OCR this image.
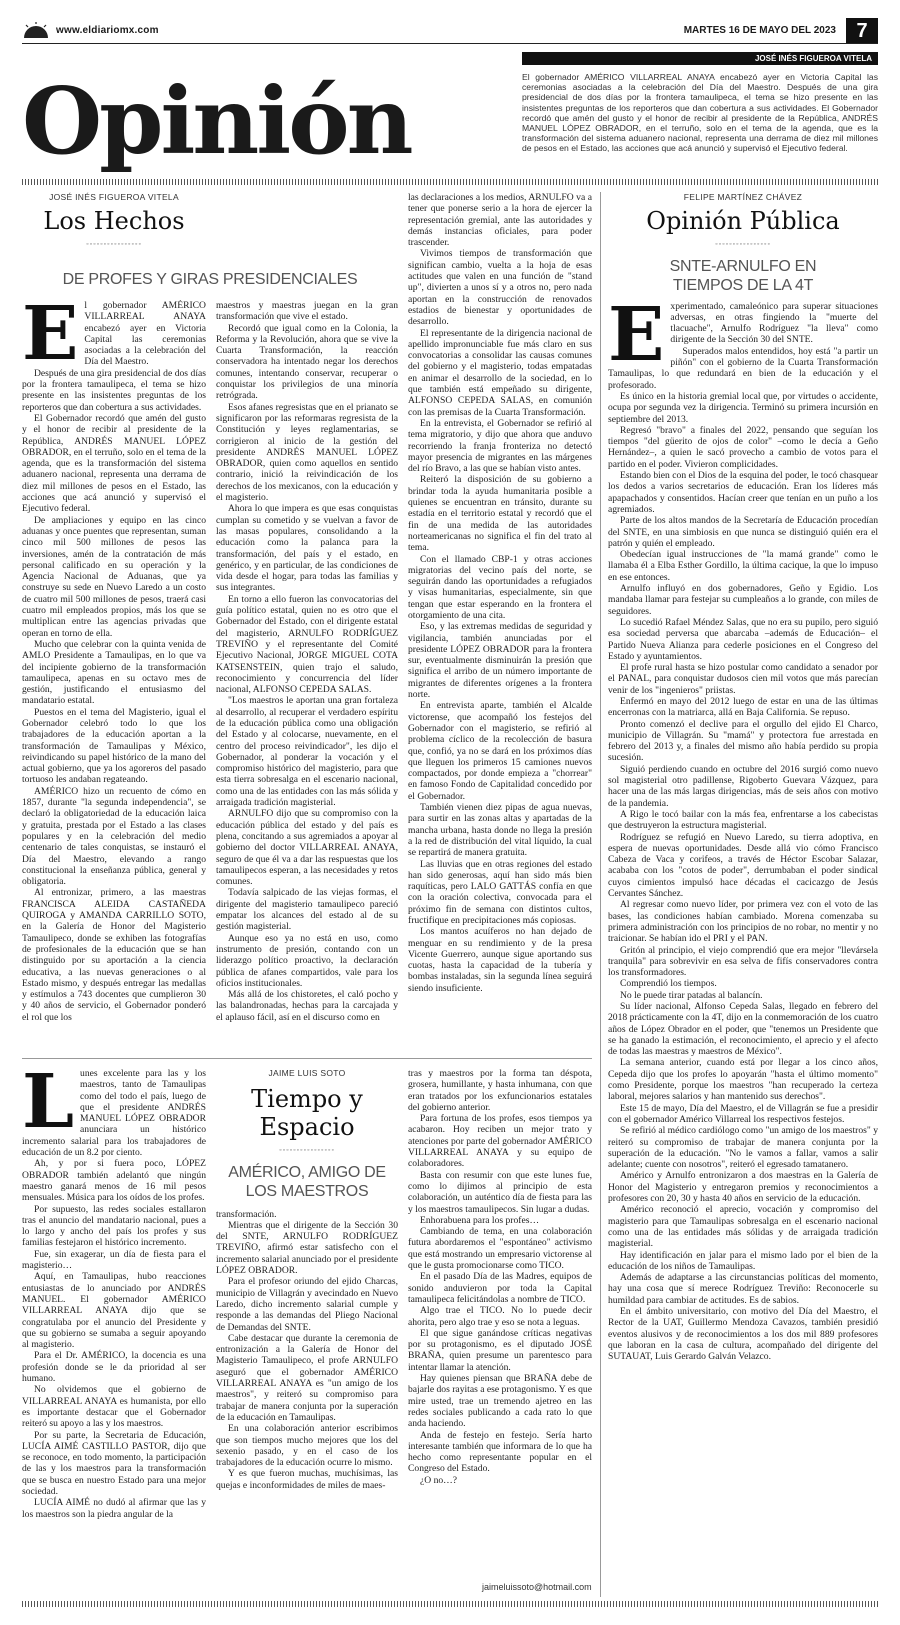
www.eldiariomx.com	MARTES 16 DE MAYO DEL 2023	7
JOSÉ INÉS FIGUEROA VITELA
Opinión	El gobernador AMÉRICO VILLARREAL ANAYA encabezó ayer en Victoria Capital las ceremonias asociadas a la celebración del Día del Maestro. Después de una gira presidencial de dos días por la frontera tamaulipeca, el tema se hizo presente en las insistentes preguntas de los reporteros que dan cobertura a sus actividades. El Gobernador recordó que amén del gusto y el honor de recibir al presidente de la República, ANDRÉS MANUEL LÓPEZ OBRADOR, en el terruño, solo en el tema de la agenda, que es la transformación del sistema aduanero nacional, representa una derrama de diez mil millones de pesos en el Estado, las acciones que acá anunció y supervisó el Ejecutivo federal.
JOSÉ INÉS FIGUEROA VITELA
Los Hechos
◦◦◦◦◦◦◦◦◦◦◦◦◦◦◦◦
DE PROFES Y GIRAS PRESIDENCIALES
E l gobernador AMÉRICO VILLARREAL ANAYA encabezó ayer en Victoria Capital las ceremonias asociadas a la celebración del Día del Maestro.

Después de una gira presidencial de dos días por la frontera tamaulipeca, el tema se hizo presente en las insistentes preguntas de los reporteros que dan cobertura a sus actividades.

El Gobernador recordó que amén del gusto y el honor de recibir al presidente de la República, ANDRÉS MANUEL LÓPEZ OBRADOR, en el terruño, solo en el tema de la agenda, que es la transformación del sistema aduanero nacional, representa una derrama de diez mil millones de pesos en el Estado, las acciones que acá anunció y supervisó el Ejecutivo federal.

De ampliaciones y equipo en las cinco aduanas y once puentes que representan, suman cinco mil 500 millones de pesos las inversiones, amén de la contratación de más personal calificado en su operación y la Agencia Nacional de Aduanas, que ya construye su sede en Nuevo Laredo a un costo de cuatro mil 500 millones de pesos, traerá casi cuatro mil empleados propios, más los que se multiplican entre las agencias privadas que operan en torno de ella.

Mucho que celebrar con la quinta venida de AMLO Presidente a Tamaulipas, en lo que va del incipiente gobierno de la transformación tamaulipeca, apenas en su octavo mes de gestión, justificando el entusiasmo del mandatario estatal.

Puestos en el tema del Magisterio, igual el Gobernador celebró todo lo que los trabajadores de la educación aportan a la transformación de Tamaulipas y México, reivindicando su papel histórico de la mano del actual gobierno, que ya los agoreros del pasado tortuoso les andaban regateando.

AMÉRICO hizo un recuento de cómo en 1857, durante "la segunda independencia", se declaró la obligatoriedad de la educación laica y gratuita, prestada por el Estado a las clases populares y en la celebración del medio centenario de tales conquistas, se instauró el Día del Maestro, elevando a rango constitucional la enseñanza pública, general y obligatoria.

Al entronizar, primero, a las maestras FRANCISCA ALEIDA CASTAÑEDA QUIROGA y AMANDA CARRILLO SOTO, en la Galería de Honor del Magisterio Tamaulipeco, donde se exhiben las fotografías de profesionales de la educación que se han distinguido por su aportación a la ciencia educativa, a las nuevas generaciones o al Estado mismo, y después entregar las medallas y estímulos a 743 docentes que cumplieron 30 y 40 años de servicio, el Gobernador ponderó el rol que los

maestros y maestras juegan en la gran transformación que vive el estado.

Recordó que igual como en la Colonia, la Reforma y la Revolución, ahora que se vive la Cuarta Transformación, la reacción conservadora ha intentado negar los derechos comunes, intentando conservar, recuperar o conquistar los privilegios de una minoría retrógrada.

Esos afanes regresistas que en el prianato se significaron por las reformaras regresista de la Constitución y leyes reglamentarias, se corrigieron al inicio de la gestión del presidente ANDRÉS MANUEL LÓPEZ OBRADOR, quien como aquellos en sentido contrario, inició la reivindicación de los derechos de los mexicanos, con la educación y el magisterio.

Ahora lo que impera es que esas conquistas cumplan su cometido y se vuelvan a favor de las masas populares, consolidando a la educación como la palanca para la transformación, del país y el estado, en genérico, y en particular, de las condiciones de vida desde el hogar, para todas las familias y sus integrantes.

En torno a ello fueron las convocatorias del guía político estatal, quien no es otro que el Gobernador del Estado, con el dirigente estatal del magisterio, ARNULFO RODRÍGUEZ TREVIÑO y el representante del Comité Ejecutivo Nacional, JORGE MIGUEL COTA KATSENSTEIN, quien trajo el saludo, reconocimiento y concurrencia del líder nacional, ALFONSO CEPEDA SALAS.

"Los maestros le aportan una gran fortaleza al desarrollo, al recuperar el verdadero espíritu de la educación pública como una obligación del Estado y al colocarse, nuevamente, en el centro del proceso reivindicador", les dijo el Gobernador, al ponderar la vocación y el compromiso histórico del magisterio, para que esta tierra sobresalga en el escenario nacional, como una de las entidades con las más sólida y arraigada tradición magisterial.

ARNULFO dijo que su compromiso con la educación pública del estado y del país es plena, concitando a sus agremiados a apoyar al gobierno del doctor VILLARREAL ANAYA, seguro de que él va a dar las respuestas que los tamaulipecos esperan, a las necesidades y retos comunes.

Todavía salpicado de las viejas formas, el dirigente del magisterio tamaulipeco pareció empatar los alcances del estado al de su gestión magisterial.

Aunque eso ya no está en uso, como instrumento de presión, contando con un liderazgo político proactivo, la declaración pública de afanes compartidos, vale para los oficios institucionales.

Más allá de los chistoretes, el caló pocho y las balandronadas, hechas para la carcajada y el aplauso fácil, así en el discurso como en

las declaraciones a los medios, ARNULFO va a tener que ponerse serio a la hora de ejercer la representación gremial, ante las autoridades y demás instancias oficiales, para poder trascender.

Vivimos tiempos de transformación que significan cambio, vuelta a la hoja de esas actitudes que valen en una función de "stand up", divierten a unos sí y a otros no, pero nada aportan en la construcción de renovados estadios de bienestar y oportunidades de desarrollo.

El representante de la dirigencia nacional de apellido impronunciable fue más claro en sus convocatorias a consolidar las causas comunes del gobierno y el magisterio, todas empatadas en animar el desarrollo de la sociedad, en lo que también está empeñado su dirigente, ALFONSO CEPEDA SALAS, en comunión con las premisas de la Cuarta Transformación.

En la entrevista, el Gobernador se refirió al tema migratorio, y dijo que ahora que anduvo recorriendo la franja fronteriza no detectó mayor presencia de migrantes en las márgenes del río Bravo, a las que se habían visto antes.

Reiteró la disposición de su gobierno a brindar toda la ayuda humanitaria posible a quienes se encuentran en tránsito, durante su estadía en el territorio estatal y recordó que el fin de una medida de las autoridades norteamericanas no significa el fin del trato al tema.

Con el llamado CBP-1 y otras acciones migratorias del vecino país del norte, se seguirán dando las oportunidades a refugiados y visas humanitarias, especialmente, sin que tengan que estar esperando en la frontera el otorgamiento de una cita.

Eso, y las extremas medidas de seguridad y vigilancia, también anunciadas por el presidente LÓPEZ OBRADOR para la frontera sur, eventualmente disminuirán la presión que significa el arribo de un número importante de migrantes de diferentes orígenes a la frontera norte.

En entrevista aparte, también el Alcalde victorense, que acompañó los festejos del Gobernador con el magisterio, se refirió al problema cíclico de la recolección de basura que, confió, ya no se dará en los próximos días que lleguen los primeros 15 camiones nuevos compactados, por donde empieza a "chorrear" en famoso Fondo de Capitalidad concedido por el Gobernador.

También vienen diez pipas de agua nuevas, para surtir en las zonas altas y apartadas de la mancha urbana, hasta donde no llega la presión a la red de distribución del vital líquido, la cual se repartirá de manera gratuita.

Las lluvias que en otras regiones del estado han sido generosas, aquí han sido más bien raquíticas, pero LALO GATTÁS confía en que con la oración colectiva, convocada para el próximo fin de semana con distintos cultos, fructifique en precipitaciones más copiosas.

Los mantos acuíferos no han dejado de menguar en su rendimiento y de la presa Vicente Guerrero, aunque sigue aportando sus cuotas, hasta la capacidad de la tubería y bombas instaladas, sin la segunda línea seguirá siendo insuficiente.

FELIPE MARTÍNEZ CHÁVEZ
Opinión Pública
◦◦◦◦◦◦◦◦◦◦◦◦◦◦◦◦
SNTE-ARNULFO EN TIEMPOS DE LA 4T
E xperimentado, camaleónico para superar situaciones adversas, en otras fingiendo la "muerte del tlacuache", Arnulfo Rodríguez "la lleva" como dirigente de la Sección 30 del SNTE.

Superados malos entendidos, hoy está "a partir un piñón" con el gobierno de la Cuarta Transformación Tamaulipas, lo que redundará en bien de la educación y el profesorado.

Es único en la historia gremial local que, por virtudes o accidente, ocupa por segunda vez la dirigencia. Terminó su primera incursión en septiembre del 2013.

Regresó "bravo" a finales del 2022, pensando que seguían los tiempos "del güerito de ojos de color" –como le decía a Geño Hernández–, a quien le sacó provecho a cambio de votos para el partido en el poder. Vivieron complicidades.

Estando bien con el Dios de la esquina del poder, le tocó chasquear los dedos a varios secretarios de educación. Eran los líderes más apapachados y consentidos. Hacían creer que tenían en un puño a los agremiados.

Parte de los altos mandos de la Secretaría de Educación procedían del SNTE, en una simbiosis en que nunca se distinguió quién era el patrón y quién el empleado.

Obedecían igual instrucciones de "la mamá grande" como le llamaba él a Elba Esther Gordillo, la última cacique, la que lo impuso en ese entonces.

Arnulfo influyó en dos gobernadores, Geño y Egidio. Los mandaba llamar para festejar su cumpleaños a lo grande, con miles de seguidores.

Lo sucedió Rafael Méndez Salas, que no era su pupilo, pero siguió esa sociedad perversa que abarcaba –además de Educación– el Partido Nueva Alianza para cederle posiciones en el Congreso del Estado y ayuntamientos.

El profe rural hasta se hizo postular como candidato a senador por el PANAL, para conquistar dudosos cien mil votos que más parecían venir de los "ingenieros" priistas.

Enfermó en mayo del 2012 luego de estar en una de las últimas encerronas con la matriarca, allá en Baja California. Se repuso.

Pronto comenzó el declive para el orgullo del ejido El Charco, municipio de Villagrán. Su "mamá" y protectora fue arrestada en febrero del 2013 y, a finales del mismo año había perdido su propia sucesión.

Siguió perdiendo cuando en octubre del 2016 surgió como nuevo sol magisterial otro padillense, Rigoberto Guevara Vázquez, para hacer una de las más largas dirigencias, más de seis años con motivo de la pandemia.

A Rigo le tocó bailar con la más fea, enfrentarse a los cabecistas que destruyeron la estructura magisterial.

Rodríguez se refugió en Nuevo Laredo, su tierra adoptiva, en espera de nuevas oportunidades. Desde allá vio cómo Francisco Cabeza de Vaca y corifeos, a través de Héctor Escobar Salazar, acababa con los "cotos de poder", derrumbaban el poder sindical cuyos cimientos impulsó hace décadas el cacicazgo de Jesús Cervantes Sánchez.

Al regresar como nuevo líder, por primera vez con el voto de las bases, las condiciones habían cambiado. Morena comenzaba su primera administración con los principios de no robar, no mentir y no traicionar. Se habían ido el PRI y el PAN.

Gritón al principio, el viejo comprendió que era mejor "llevársela tranquila" para sobrevivir en esa selva de fifís conservadores contra los transformadores.

Comprendió los tiempos.

No le puede tirar patadas al balancín.

Su líder nacional, Alfonso Cepeda Salas, llegado en febrero del 2018 prácticamente con la 4T, dijo en la conmemoración de los cuatro años de López Obrador en el poder, que "tenemos un Presidente que se ha ganado la estimación, el reconocimiento, el aprecio y el afecto de todas las maestras y maestros de México".

La semana anterior, cuando está por llegar a los cinco años, Cepeda dijo que los profes lo apoyarán "hasta el último momento" como Presidente, porque los maestros "han recuperado la certeza laboral, mejores salarios y han mantenido sus derechos".

Este 15 de mayo, Día del Maestro, el de Villagrán se fue a presidir con el gobernador Américo Villarreal los respectivos festejos.

Se refirió al médico cardiólogo como "un amigo de los maestros" y reiteró su compromiso de trabajar de manera conjunta por la superación de la educación. "No le vamos a fallar, vamos a salir adelante; cuente con nosotros", reiteró el egresado tamatanero.

Américo y Arnulfo entronizaron a dos maestras en la Galería de Honor del Magisterio y entregaron premios y reconocimientos a profesores con 20, 30 y hasta 40 años en servicio de la educación.

Américo reconoció el aprecio, vocación y compromiso del magisterio para que Tamaulipas sobresalga en el escenario nacional como una de las entidades más sólidas y de arraigada tradición magisterial.

Hay identificación en jalar para el mismo lado por el bien de la educación de los niños de Tamaulipas.

Además de adaptarse a las circunstancias políticas del momento, hay una cosa que sí merece Rodríguez Treviño: Reconocerle su humildad para cambiar de actitudes. Es de sabios.

En el ámbito universitario, con motivo del Día del Maestro, el Rector de la UAT, Guillermo Mendoza Cavazos, también presidió eventos alusivos y de reconocimientos a los dos mil 889 profesores que laboran en la casa de cultura, acompañado del dirigente del SUTAUAT, Luis Gerardo Galván Velazco.

L unes excelente para las y los maestros, tanto de Tamaulipas como del todo el país, luego de que el presidente ANDRÉS MANUEL LÓPEZ OBRADOR anunciara un histórico incremento salarial para los trabajadores de educación de un 8.2 por ciento.

Ah, y por si fuera poco, LÓPEZ OBRADOR también adelantó que ningún maestro ganará menos de 16 mil pesos mensuales. Música para los oídos de los profes.

Por supuesto, las redes sociales estallaron tras el anuncio del mandatario nacional, pues a lo largo y ancho del país los profes y sus familias festejaron el histórico incremento.

Fue, sin exagerar, un día de fiesta para el magisterio…

Aquí, en Tamaulipas, hubo reacciones entusiastas de lo anunciado por ANDRÉS MANUEL. El gobernador AMÉRICO VILLARREAL ANAYA dijo que se congratulaba por el anuncio del Presidente y que su gobierno se sumaba a seguir apoyando al magisterio.

Para el Dr. AMÉRICO, la docencia es una profesión donde se le da prioridad al ser humano.

No olvidemos que el gobierno de VILLARREAL ANAYA es humanista, por ello es importante destacar que el Gobernador reiteró su apoyo a las y los maestros.

Por su parte, la Secretaria de Educación, LUCÍA AIMÉ CASTILLO PASTOR, dijo que se reconoce, en todo momento, la participación de las y los maestros para la transformación que se busca en nuestro Estado para una mejor sociedad.

LUCÍA AIMÉ no dudó al afirmar que las y los maestros son la piedra angular de la

JAIME LUIS SOTO
Tiempo y
Espacio
◦◦◦◦◦◦◦◦◦◦◦◦◦◦◦◦
AMÉRICO, AMIGO DE LOS MAESTROS

transformación.

Mientras que el dirigente de la Sección 30 del SNTE, ARNULFO RODRÍGUEZ TREVIÑO, afirmó estar satisfecho con el incremento salarial anunciado por el presidente LÓPEZ OBRADOR.

Para el profesor oriundo del ejido Charcas, municipio de Villagrán y avecindado en Nuevo Laredo, dicho incremento salarial cumple y responde a las demandas del Pliego Nacional de Demandas del SNTE.

Cabe destacar que durante la ceremonia de entronización a la Galería de Honor del Magisterio Tamaulipeco, el profe ARNULFO aseguró que el gobernador AMÉRICO VILLARREAL ANAYA es "un amigo de los maestros", y reiteró su compromiso para trabajar de manera conjunta por la superación de la educación en Tamaulipas.

En una colaboración anterior escribimos que son tiempos mucho mejores que los del sexenio pasado, y en el caso de los trabajadores de la educación ocurre lo mismo.

Y es que fueron muchas, muchísimas, las quejas e inconformidades de miles de maes-

tras y maestros por la forma tan déspota, grosera, humillante, y hasta inhumana, con que eran tratados por los exfuncionarios estatales del gobierno anterior.

Para fortuna de los profes, esos tiempos ya acabaron. Hoy reciben un mejor trato y atenciones por parte del gobernador AMÉRICO VILLARREAL ANAYA y su equipo de colaboradores.

Basta con resumir con que este lunes fue, como lo dijimos al principio de esta colaboración, un auténtico día de fiesta para las y los maestros tamaulipecos. Sin lugar a dudas.

Enhorabuena para los profes…

Cambiando de tema, en una colaboración futura abordaremos el "espontáneo" activismo que está mostrando un empresario victorense al que le gusta promocionarse como TICO.

En el pasado Día de las Madres, equipos de sonido anduvieron por toda la Capital tamaulipeca felicitándolas a nombre de TICO.

Algo trae el TICO. No lo puede decir ahorita, pero algo trae y eso se nota a leguas.

El que sigue ganándose críticas negativas por su protagonismo, es el diputado JOSÉ BRAÑA, quien presume un parentesco para intentar llamar la atención.

Hay quienes piensan que BRAÑA debe de bajarle dos rayitas a ese protagonismo. Y es que mire usted, trae un tremendo ajetreo en las redes sociales publicando a cada rato lo que anda haciendo.

Anda de festejo en festejo. Sería harto interesante también que informara de lo que ha hecho como representante popular en el Congreso del Estado.

¿O no…?

jaimeluissoto@hotmail.com
